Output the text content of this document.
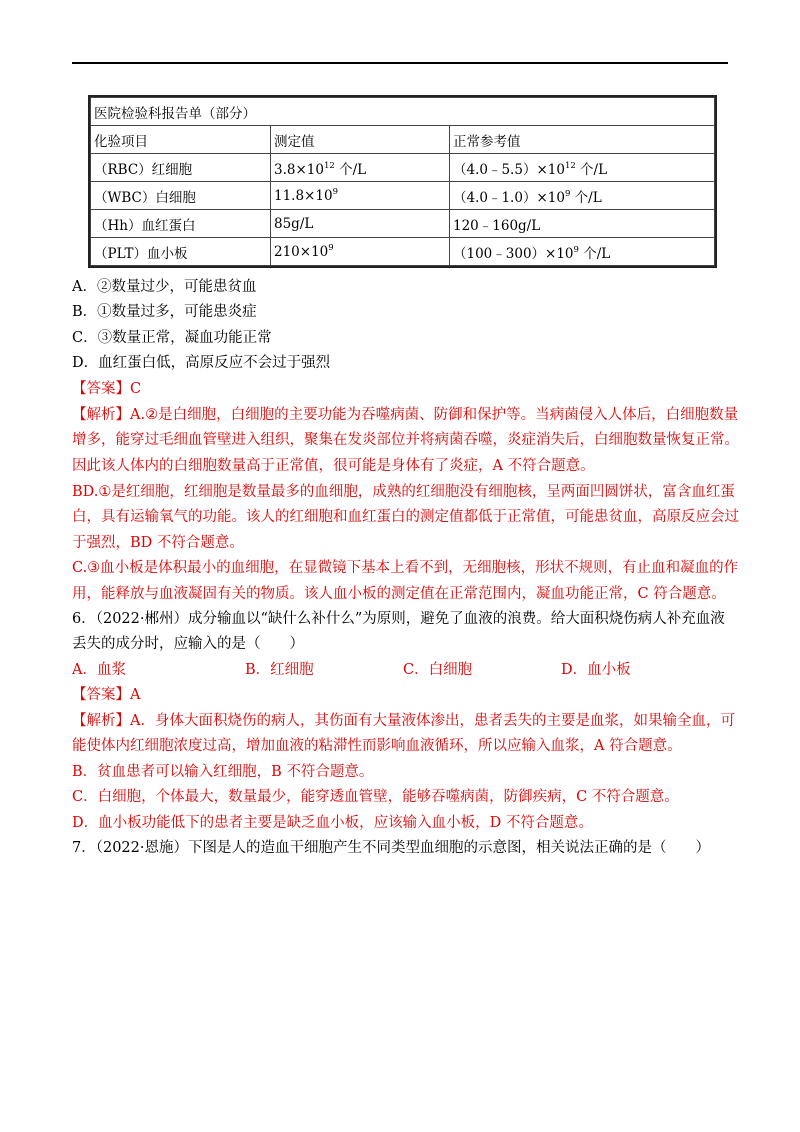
医院检验科报告单（部分）		
化验项目	测定值	正常参考值
（RBC）红细胞	$3.8\times 10^{12}$ 个/L	$(4.0﹣5.5)\times 10^{12}$ 个/L
（WBC）白细胞	$11.8\times 10^9$	$(4.0﹣1.0)\times 10^9$ 个/L
（Hh）血红蛋白	85g/L	120﹣160g/L
（PLT）血小板	$210\times 10^9$	$(100﹣300)\times 10^9$ 个/L
A．②数量过少，可能患贫血
B．①数量过多，可能患炎症
C．③数量正常，凝血功能正常
D．血红蛋白低，高原反应不会过于强烈
【答案】C
【解析】A.②是白细胞，白细胞的主要功能为吞噬病菌、防御和保护等。当病菌侵入人体后，白细胞数量
增多，能穿过毛细血管壁进入组织，聚集在发炎部位并将病菌吞噬，炎症消失后，白细胞数量恢复正常。
因此该人体内的白细胞数量高于正常值，很可能是身体有了炎症，A 不符合题意。
BD.①是红细胞，红细胞是数量最多的血细胞，成熟的红细胞没有细胞核，呈两面凹圆饼状，富含血红蛋
白，具有运输氧气的功能。该人的红细胞和血红蛋白的测定值都低于正常值，可能患贫血，高原反应会过
于强烈，BD 不符合题意。
C.③血小板是体积最小的血细胞，在显微镜下基本上看不到，无细胞核，形状不规则，有止血和凝血的作
用，能释放与血液凝固有关的物质。该人血小板的测定值在正常范围内，凝血功能正常，C 符合题意。
6．（2022·郴州）成分输血以“缺什么补什么”为原则，避免了血液的浪费。给大面积烧伤病人补充血液
丢失的成分时，应输入的是（　　）
A．血浆	B．红细胞	C．白细胞	D．血小板
【答案】A
【解析】A．身体大面积烧伤的病人，其伤面有大量液体渗出，患者丢失的主要是血浆，如果输全血，可
能使体内红细胞浓度过高，增加血液的粘滞性而影响血液循环，所以应输入血浆，A 符合题意。
B．贫血患者可以输入红细胞，B 不符合题意。
C．白细胞，个体最大，数量最少，能穿透血管壁，能够吞噬病菌，防御疾病，C 不符合题意。
D．血小板功能低下的患者主要是缺乏血小板，应该输入血小板，D 不符合题意。
7．（2022·恩施）下图是人的造血干细胞产生不同类型血细胞的示意图，相关说法正确的是（　　）
